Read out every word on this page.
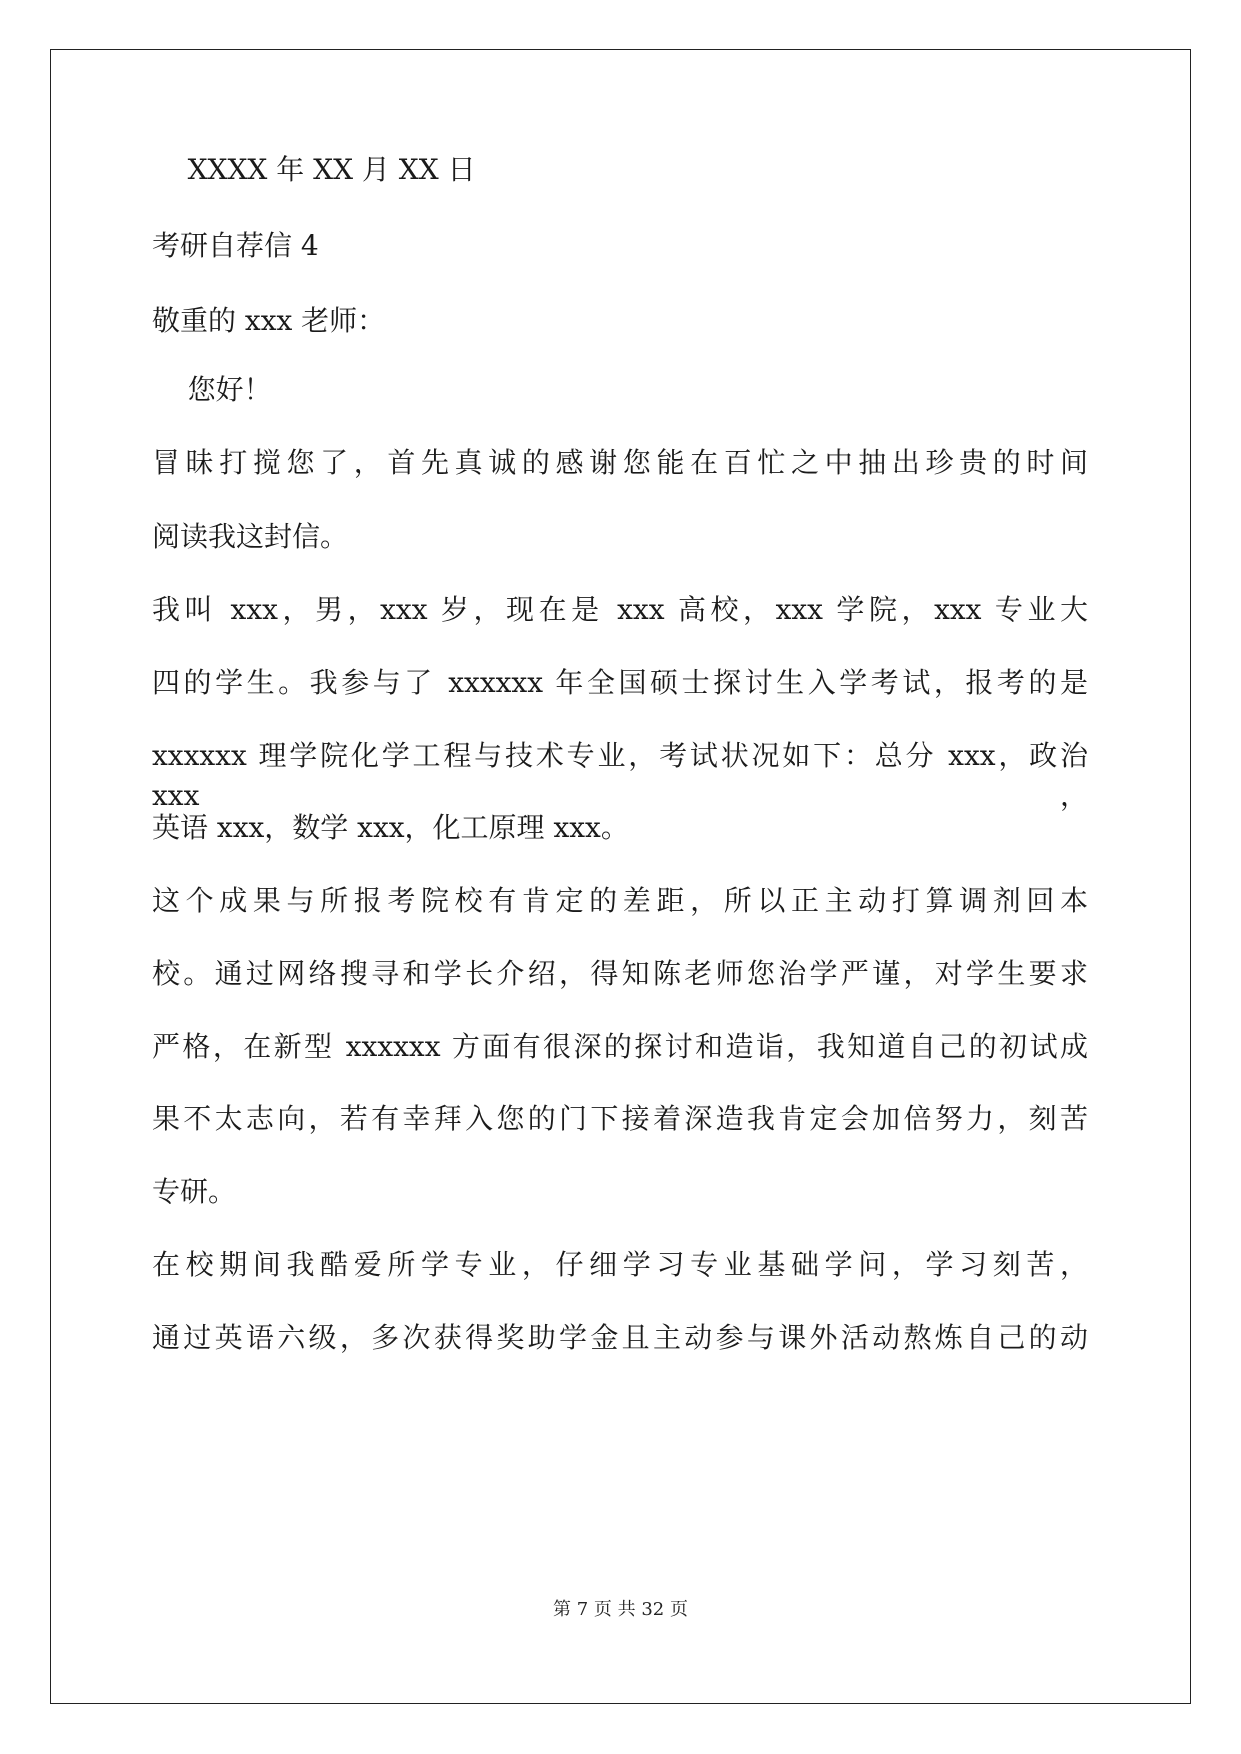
XXXX 年 XX 月 XX 日
考研自荐信 4
敬重的 xxx 老师：
您好！
冒昧打搅您了，首先真诚的感谢您能在百忙之中抽出珍贵的时间
阅读我这封信。
我叫 xxx，男，xxx 岁，现在是 xxx 高校，xxx 学院，xxx 专业大
四的学生。我参与了 xxxxxx 年全国硕士探讨生入学考试，报考的是
xxxxxx 理学院化学工程与技术专业，考试状况如下：总分 xxx，政治 xxx，
英语 xxx，数学 xxx，化工原理 xxx。
这个成果与所报考院校有肯定的差距，所以正主动打算调剂回本
校。通过网络搜寻和学长介绍，得知陈老师您治学严谨，对学生要求
严格，在新型 xxxxxx 方面有很深的探讨和造诣，我知道自己的初试成
果不太志向，若有幸拜入您的门下接着深造我肯定会加倍努力，刻苦
专研。
在校期间我酷爱所学专业，仔细学习专业基础学问，学习刻苦，
通过英语六级，多次获得奖助学金且主动参与课外活动熬炼自己的动
第 7 页 共 32 页
